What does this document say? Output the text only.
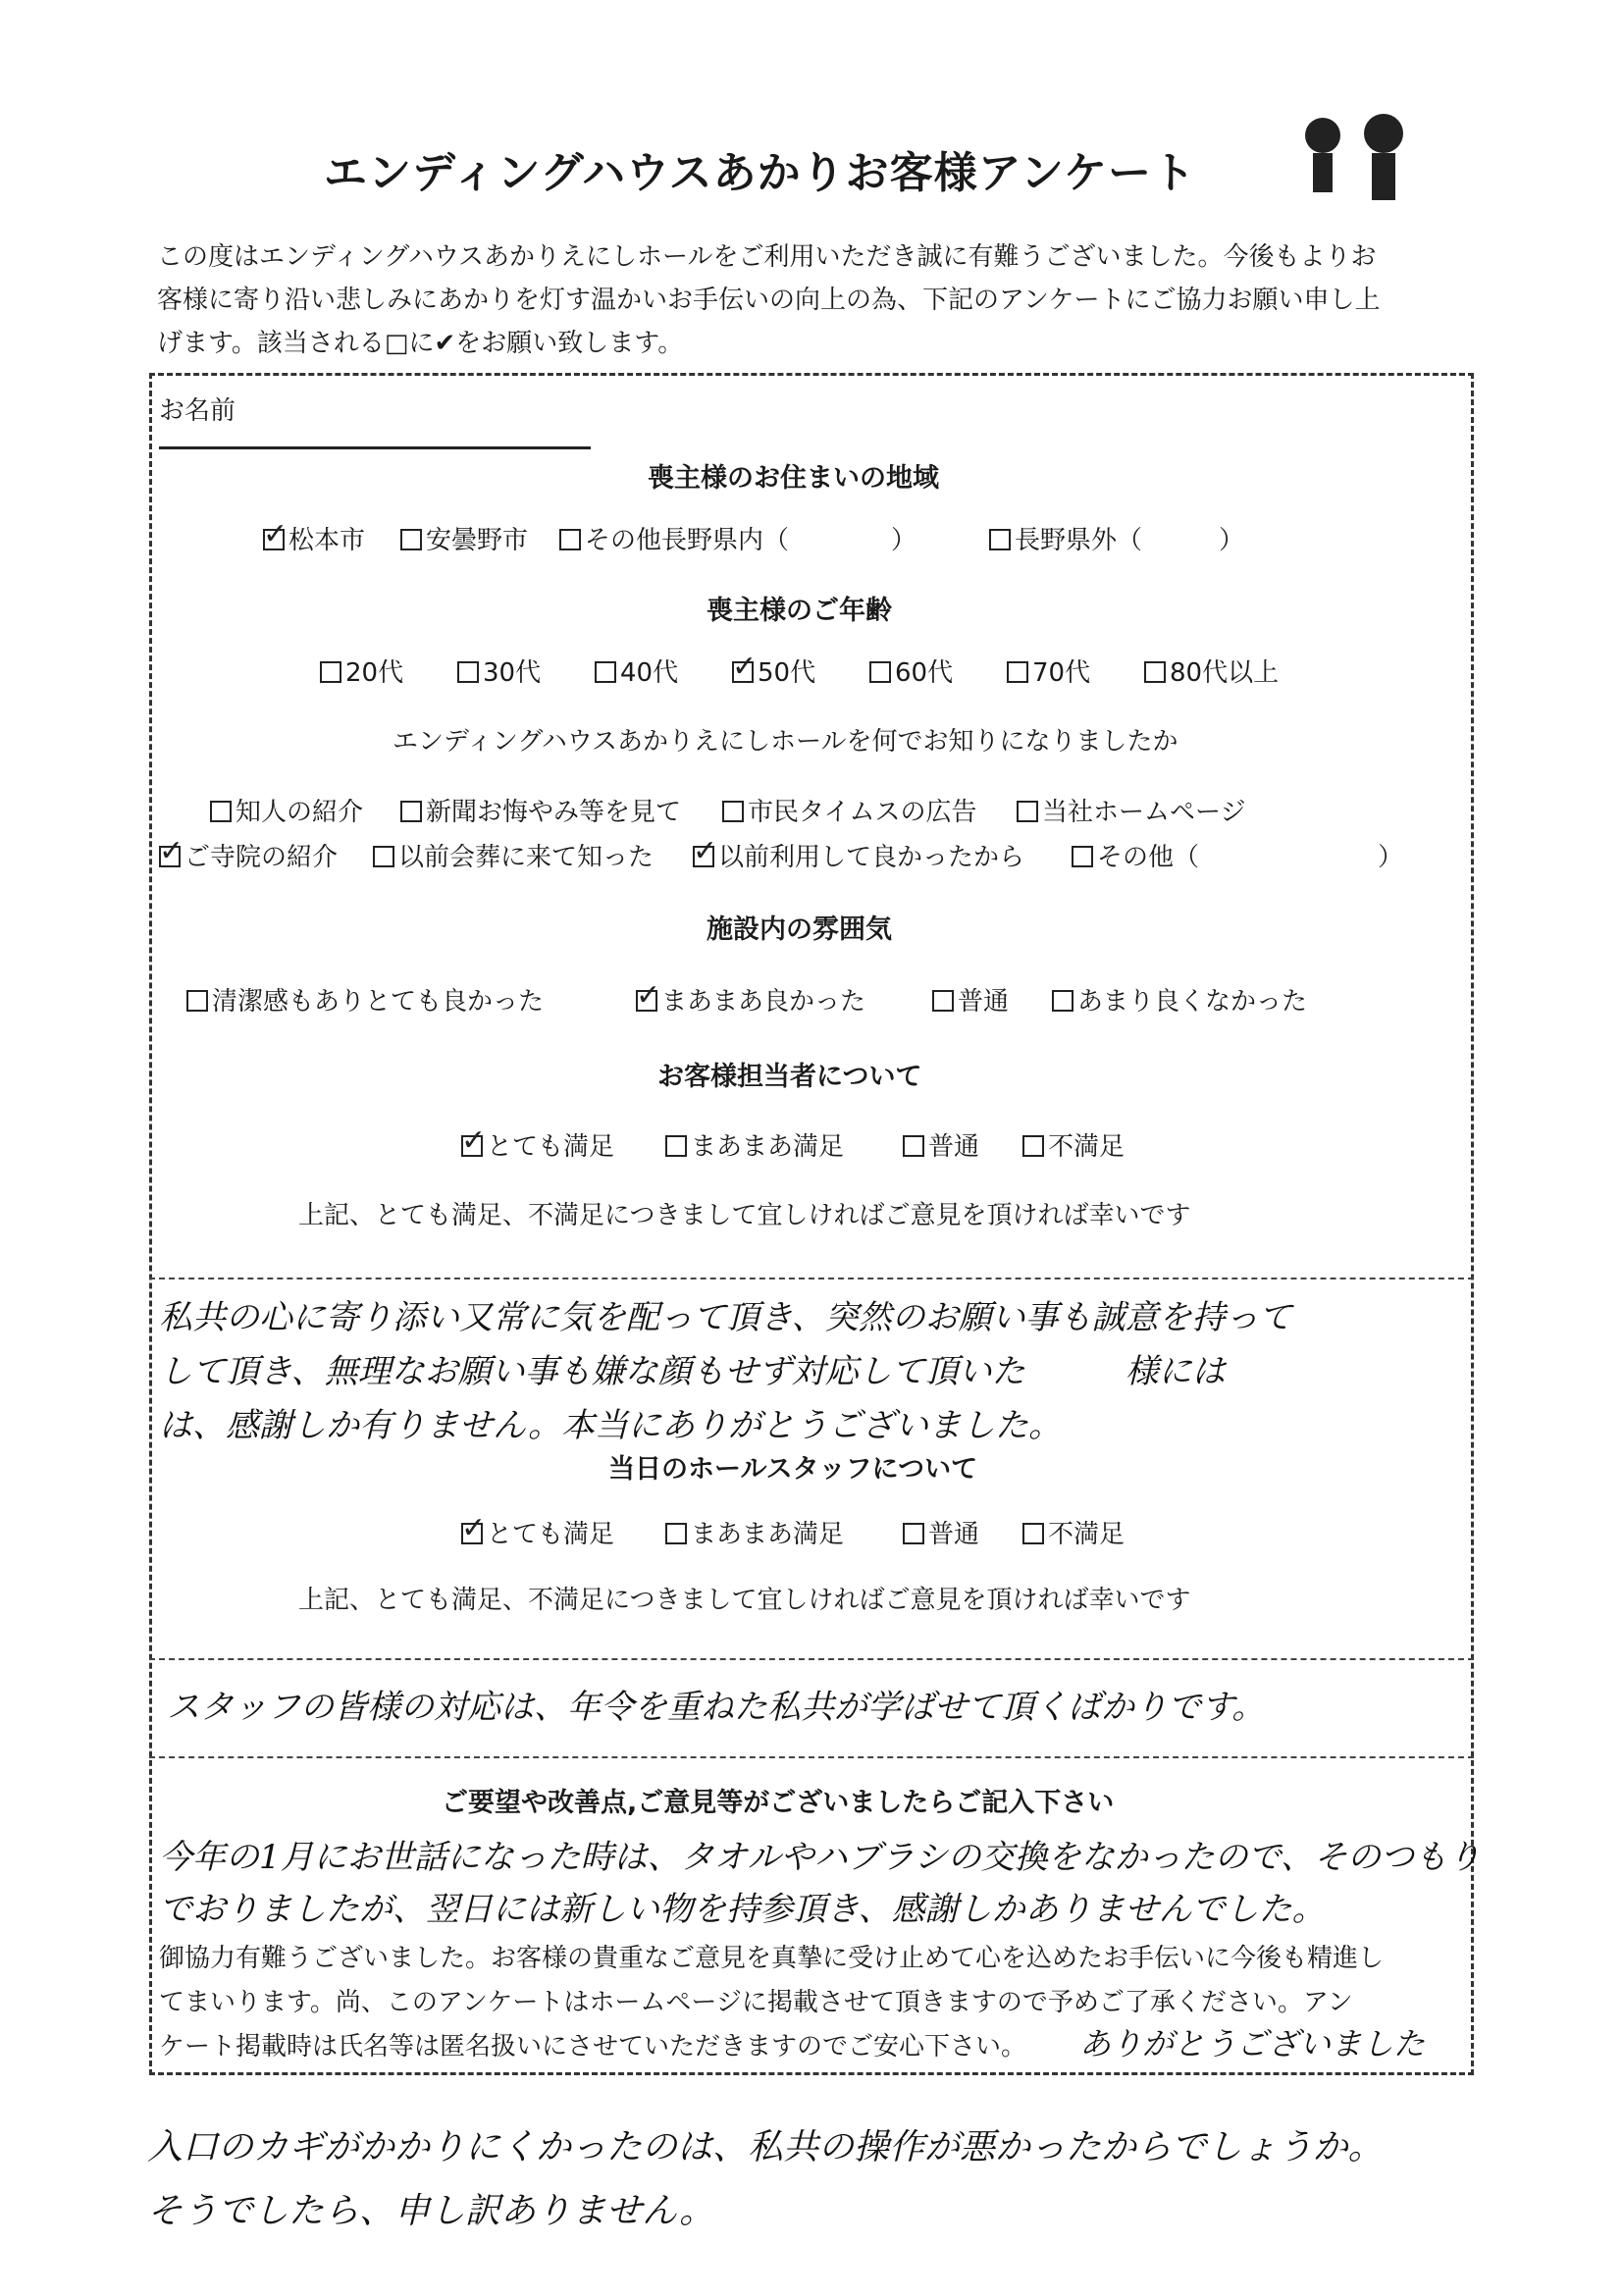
エンディングハウスあかりお客様アンケート
この度はエンディングハウスあかりえにしホールをご利用いただき誠に有難うございました。今後もよりお
客様に寄り沿い悲しみにあかりを灯す温かいお手伝いの向上の為、下記のアンケートにご協力お願い申し上
げます。該当される□に✔をお願い致します。
お名前
喪主様のお住まいの地域
✓松本市	安曇野市	その他長野県内（　　　　）	長野県外（　　　）
喪主様のご年齢
20代	30代	40代 ✓	50代	60代	70代	80代以上
エンディングハウスあかりえにしホールを何でお知りになりましたか
知人の紹介	新聞お悔やみ等を見て	市民タイムスの広告	当社ホームページ
✓ご寺院の紹介	以前会葬に来て知った ✓	以前利用して良かったから	その他（　　　　　　　）
施設内の雰囲気
清潔感もありとても良かった ✓	まあまあ良かった	普通	あまり良くなかった
お客様担当者について
✓とても満足	まあまあ満足	普通	不満足
上記、とても満足、不満足につきまして宜しければご意見を頂ければ幸いです
私共の心に寄り添い又常に気を配って頂き、突然のお願い事も誠意を持って
して頂き、無理なお願い事も嫌な顔もせず対応して頂いた　　　様には
は、感謝しか有りません。本当にありがとうございました。
当日のホールスタッフについて
✓とても満足	まあまあ満足	普通	不満足
上記、とても満足、不満足につきまして宜しければご意見を頂ければ幸いです
スタッフの皆様の対応は、年令を重ねた私共が学ばせて頂くばかりです。
ご要望や改善点,ご意見等がございましたらご記入下さい
今年の1月にお世話になった時は、タオルやハブラシの交換をなかったので、そのつもり
でおりましたが、翌日には新しい物を持参頂き、感謝しかありませんでした。
御協力有難うございました。お客様の貴重なご意見を真摯に受け止めて心を込めたお手伝いに今後も精進し
てまいります。尚、このアンケートはホームページに掲載させて頂きますので予めご了承ください。アン
ケート掲載時は氏名等は匿名扱いにさせていただきますのでご安心下さい。 ありがとうございました
入口のカギがかかりにくかったのは、私共の操作が悪かったからでしょうか。
そうでしたら、申し訳ありません。
